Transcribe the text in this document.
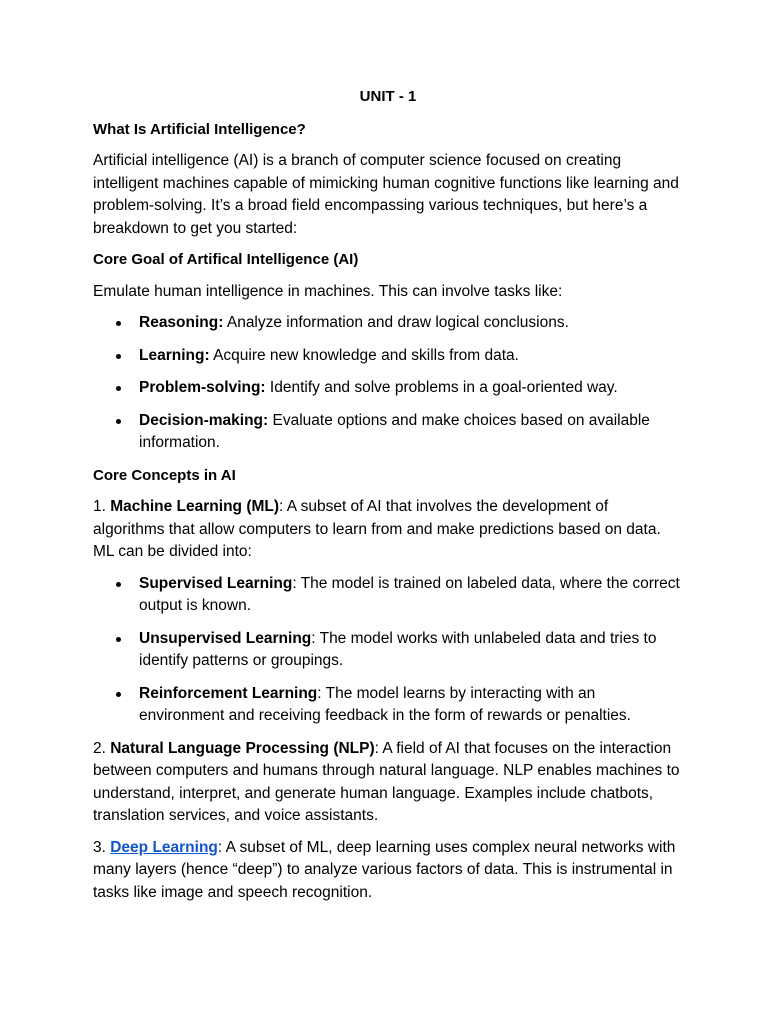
UNIT - 1
What Is Artificial Intelligence?

Artificial intelligence (AI) is a branch of computer science focused on creating intelligent machines capable of mimicking human cognitive functions like learning and problem-solving. It’s a broad field encompassing various techniques, but here’s a breakdown to get you started:

Core Goal of Artifical Intelligence (AI)

Emulate human intelligence in machines. This can involve tasks like:

Reasoning: Analyze information and draw logical conclusions.
Learning: Acquire new knowledge and skills from data.
Problem-solving: Identify and solve problems in a goal-oriented way.
Decision-making: Evaluate options and make choices based on available information.
Core Concepts in AI

1. Machine Learning (ML): A subset of AI that involves the development of algorithms that allow computers to learn from and make predictions based on data. ML can be divided into:

Supervised Learning: The model is trained on labeled data, where the correct output is known.
Unsupervised Learning: The model works with unlabeled data and tries to identify patterns or groupings.
Reinforcement Learning: The model learns by interacting with an environment and receiving feedback in the form of rewards or penalties.

2. Natural Language Processing (NLP): A field of AI that focuses on the interaction between computers and humans through natural language. NLP enables machines to understand, interpret, and generate human language. Examples include chatbots, translation services, and voice assistants.

3. Deep Learning: A subset of ML, deep learning uses complex neural networks with many layers (hence “deep”) to analyze various factors of data. This is instrumental in tasks like image and speech recognition.
